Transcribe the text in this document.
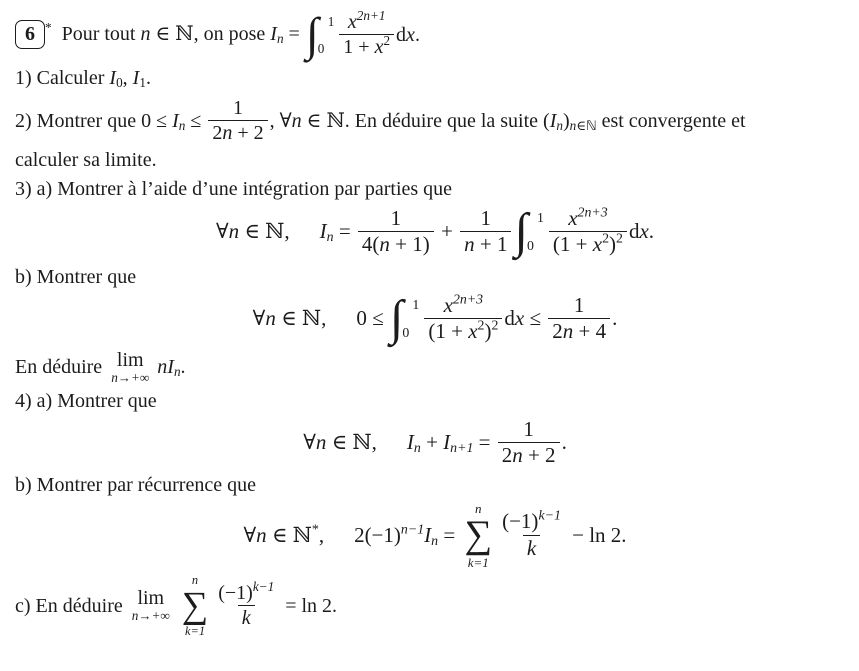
6 *  Pour tout n ∈ ℕ, on pose In = ∫ 1
$0 \frac{x^{2n+1}}{1 + x^2}$ dx.
1) Calculer I0, I1.
2) Montrer que $0 \le In \le \frac{1}{2n + 2}$ , ∀n ∈ ℕ. En déduire que la suite (In)n∈ℕ est convergente et
calculer sa limite.
3) a) Montrer à l’aide d’une intégration par parties que
∀n ∈ ℕ, $In = \frac{1}{4(n + 1)} + \frac{1}{n + 1}$ ∫ 1
$0 \frac{x^{2n+3}}{(1 + x^2)^2}$ dx.
b) Montrer que
∀n ∈ ℕ, 0 ≤ ∫ 1
$0 \frac{x^{2n+3}}{(1 + x^2)^2}$ dx ≤ $\frac{1}{2n + 4}$ .
En déduire lim
n→+∞ nIn.
4) a) Montrer que
∀n ∈ ℕ, $In + In+1 = \frac{1}{2n + 2}$ .
b) Montrer par récurrence que
∀n ∈ ℕ*, $2(-1)^{n-1}In$ =
n
∑
k=1
$\frac{(-1)^{k-1}}{k} - \ln 2$.
c) En déduire lim
n→+∞
n
∑
k=1
$\frac{(-1)^{k-1}}{k} = \ln 2$.
